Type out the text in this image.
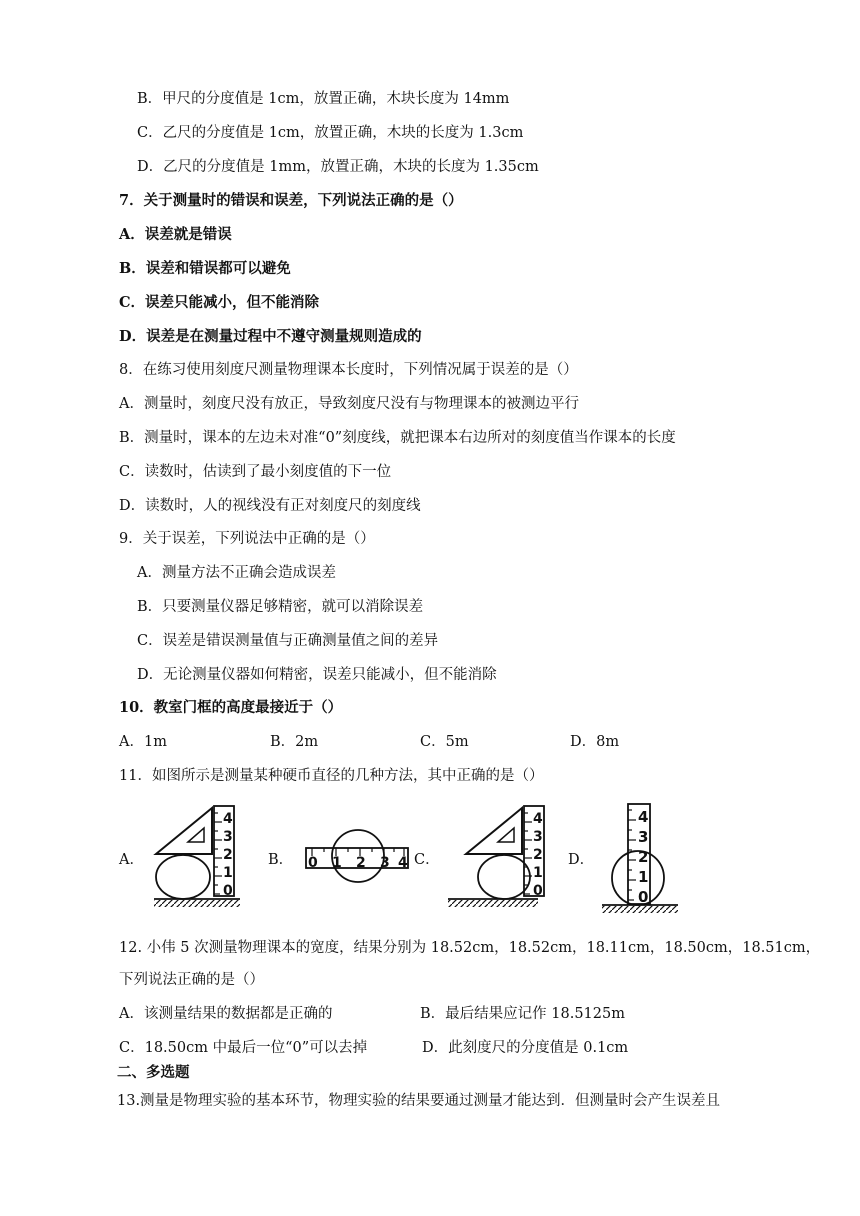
B．甲尺的分度值是 1cm，放置正确，木块长度为 14mm
C．乙尺的分度值是 1cm，放置正确，木块的长度为 1.3cm
D．乙尺的分度值是 1mm，放置正确，木块的长度为 1.35cm
7．关于测量时的错误和误差，下列说法正确的是（）
A．误差就是错误
B．误差和错误都可以避免
C．误差只能减小，但不能消除
D．误差是在测量过程中不遵守测量规则造成的
8．在练习使用刻度尺测量物理课本长度时，下列情况属于误差的是（）
A．测量时，刻度尺没有放正，导致刻度尺没有与物理课本的被测边平行
B．测量时，课本的左边未对准“0”刻度线，就把课本右边所对的刻度值当作课本的长度
C．读数时，估读到了最小刻度值的下一位
D．读数时，人的视线没有正对刻度尺的刻度线
9．关于误差，下列说法中正确的是（）
A．测量方法不正确会造成误差
B．只要测量仪器足够精密，就可以消除误差
C．误差是错误测量值与正确测量值之间的差异
D．无论测量仪器如何精密，误差只能减小，但不能消除
10．教室门框的高度最接近于（）
A．1m	B．2m	C．5m	D．8m
11．如图所示是测量某种硬币直径的几种方法，其中正确的是（）
A．	B．	C．	D．
0
1
2
3
4
0 1 2 3 4
0
1
2
3
4
0
1
2
3
4
12. 小伟 5 次测量物理课本的宽度，结果分别为 18.52cm，18.52cm，18.11cm，18.50cm，18.51cm，
下列说法正确的是（）
A．该测量结果的数据都是正确的	B．最后结果应记作 18.5125m
C．18.50cm 中最后一位“0”可以去掉	D．此刻度尺的分度值是 0.1cm
二、多选题
13.测量是物理实验的基本环节，物理实验的结果要通过测量才能达到．但测量时会产生误差且
